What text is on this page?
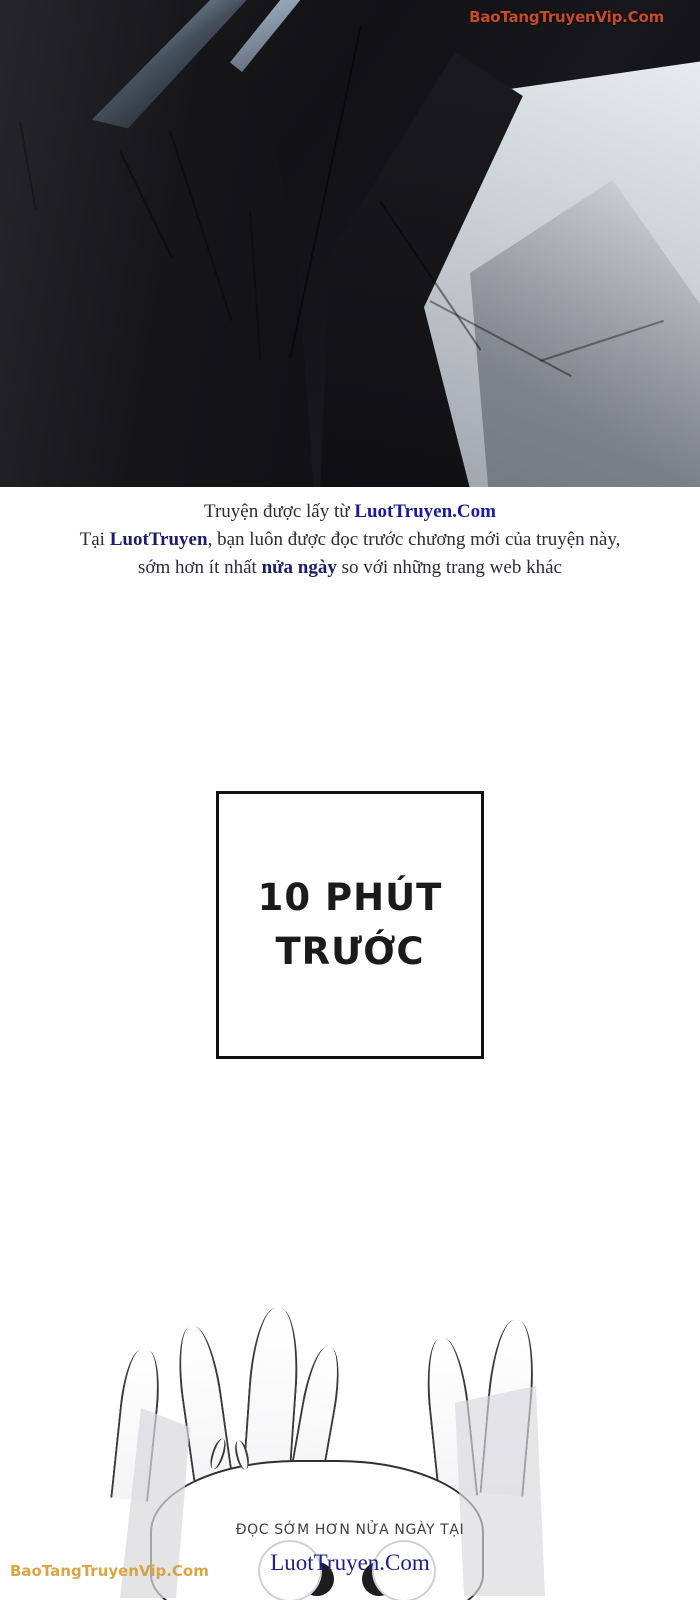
BaoTangTruyenVip.Com
Truyện được lấy từ LuotTruyen.Com
Tại LuotTruyen, bạn luôn được đọc trước chương mới của truyện này,
sớm hơn ít nhất nửa ngày so với những trang web khác
10 PHÚT
TRƯỚC
ĐỌC SỚM HƠN NỬA NGÀY TẠI
LuotTruyen.Com
BaoTangTruyenVip.Com
